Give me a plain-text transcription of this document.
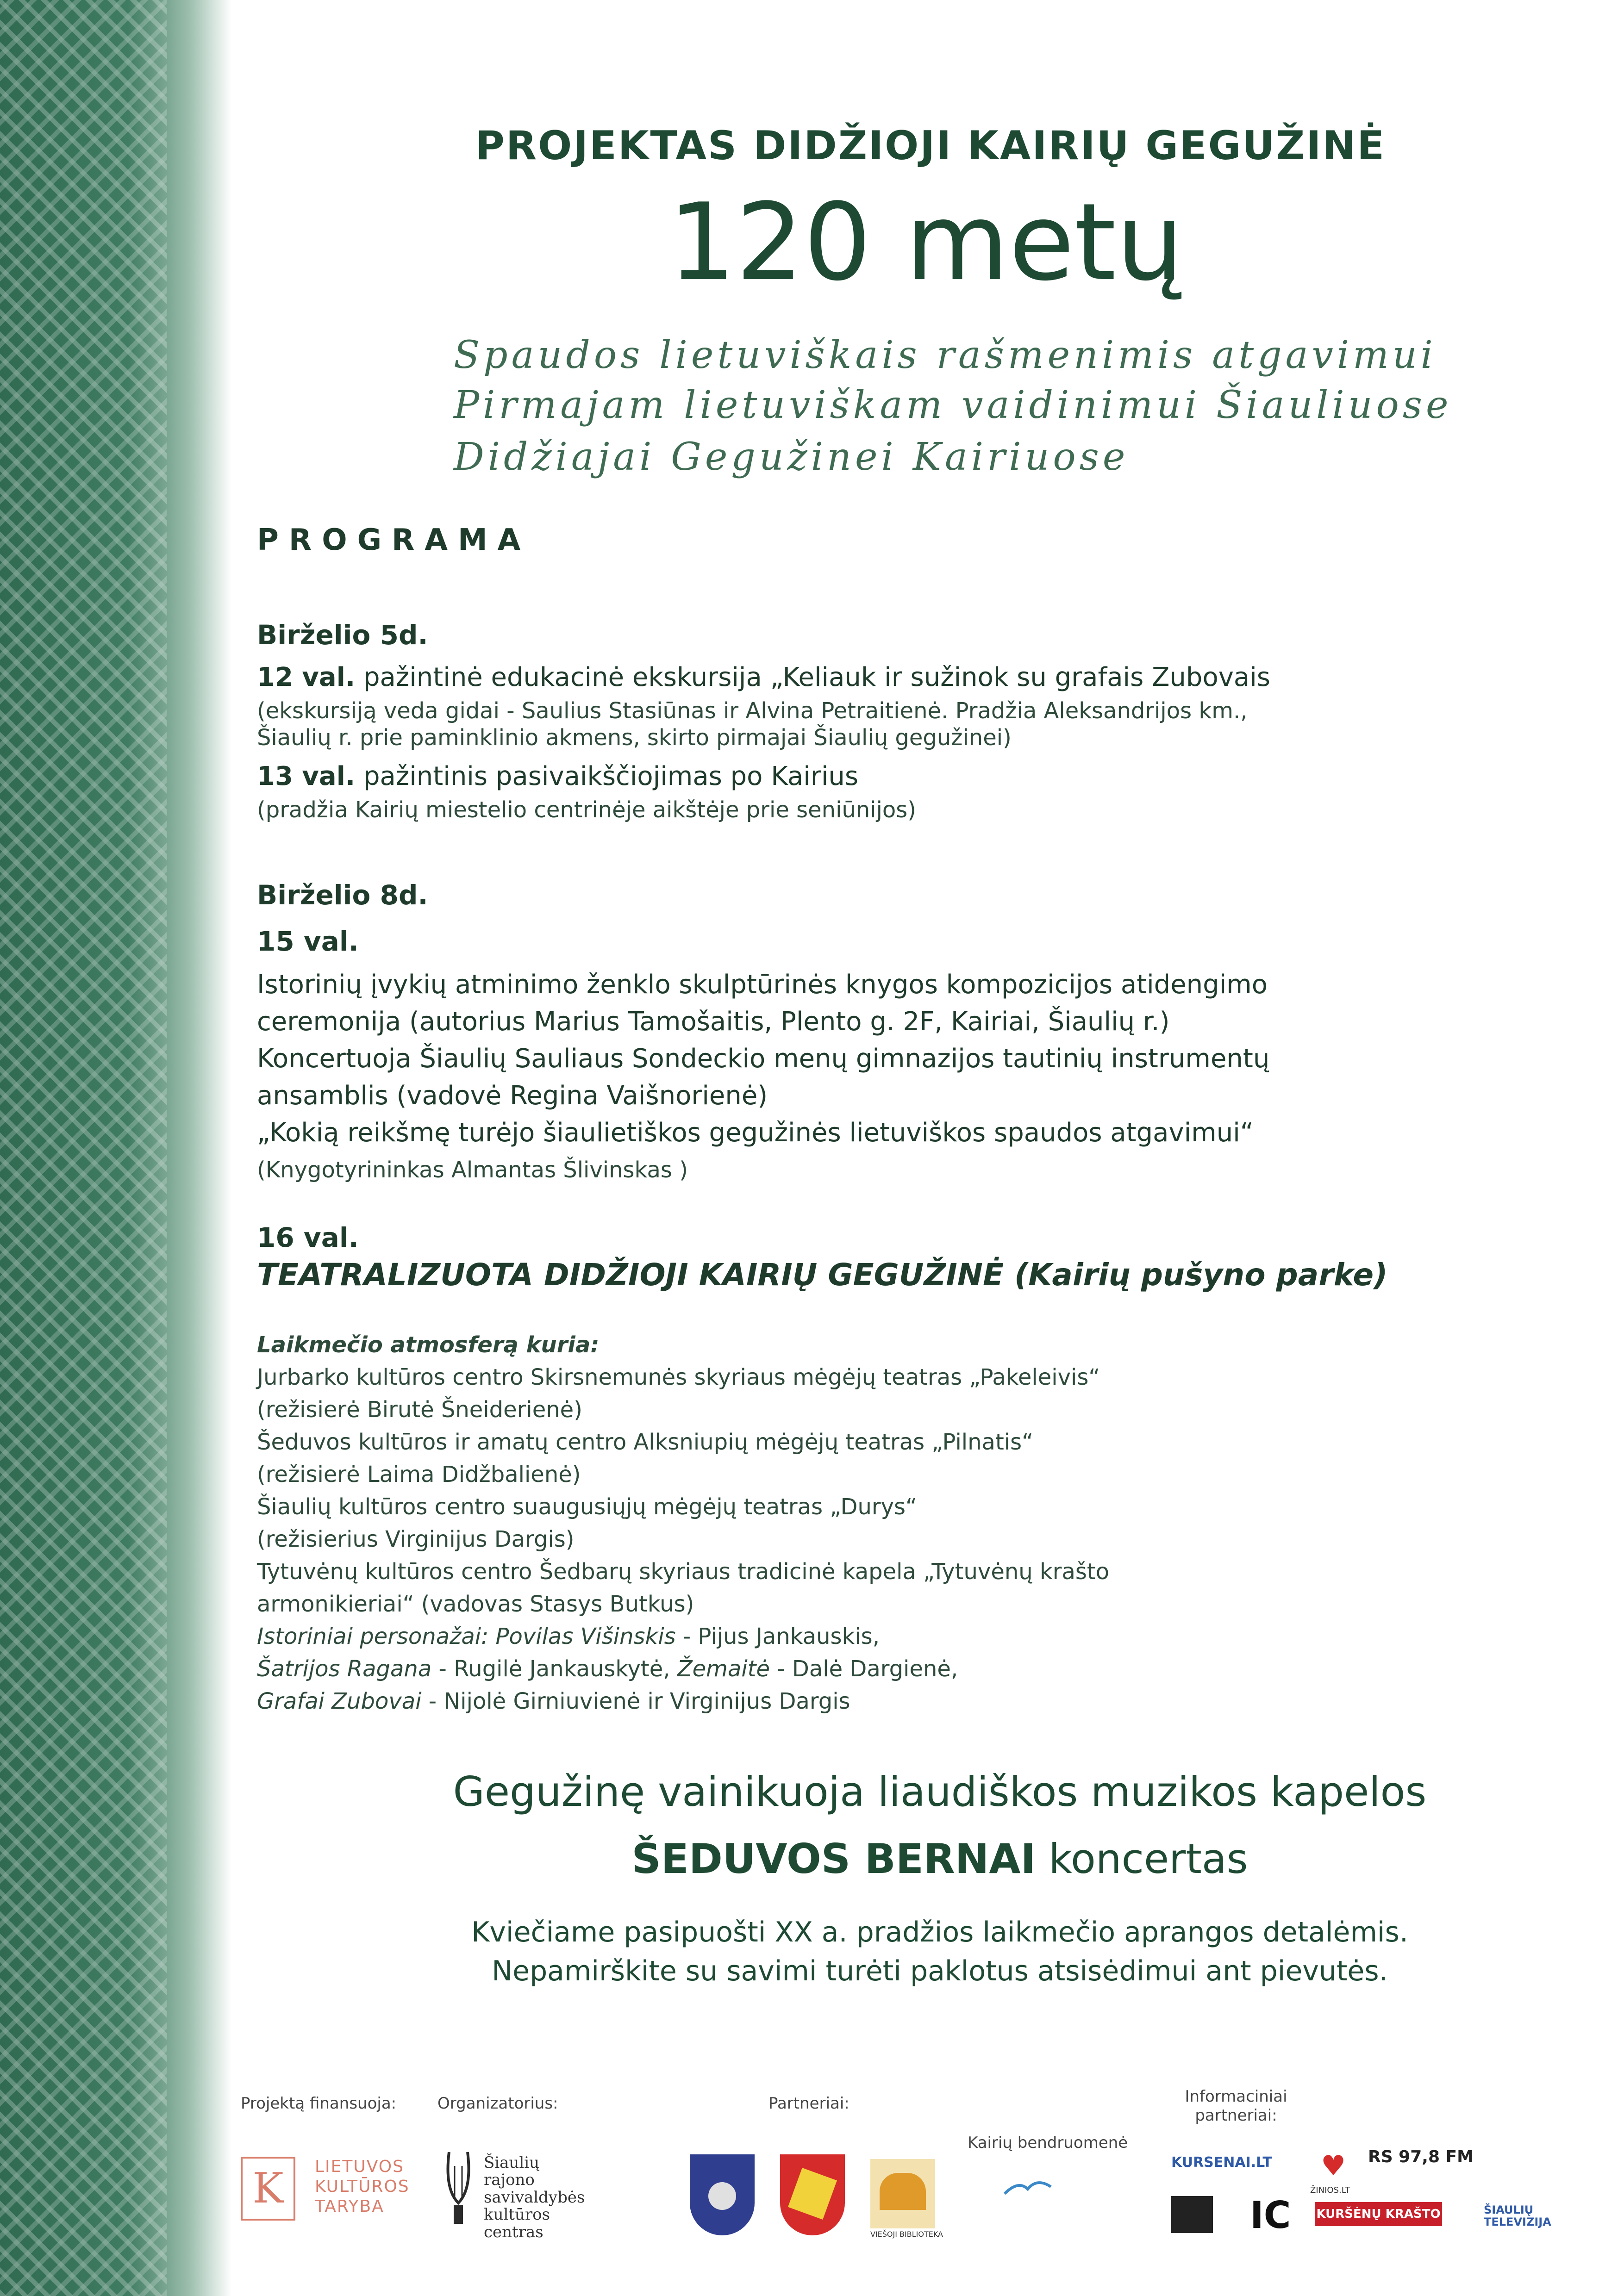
PROJEKTAS DIDŽIOJI KAIRIŲ GEGUŽINĖ
120 metų
Spaudos lietuviškais rašmenimis atgavimui
Pirmajam lietuviškam vaidinimui Šiauliuose
Didžiajai Gegužinei Kairiuose
PROGRAMA
Birželio 5d.
12 val. pažintinė edukacinė ekskursija „Keliauk ir sužinok su grafais Zubovais
(ekskursiją veda gidai - Saulius Stasiūnas ir Alvina Petraitienė. Pradžia Aleksandrijos km.,
Šiaulių r. prie paminklinio akmens, skirto pirmajai Šiaulių gegužinei)
13 val. pažintinis pasivaikščiojimas po Kairius
(pradžia Kairių miestelio centrinėje aikštėje prie seniūnijos)
Birželio 8d.
15 val.
Istorinių įvykių atminimo ženklo skulptūrinės knygos kompozicijos atidengimo
ceremonija (autorius Marius Tamošaitis, Plento g. 2F, Kairiai, Šiaulių r.)
Koncertuoja Šiaulių Sauliaus Sondeckio menų gimnazijos tautinių instrumentų
ansamblis (vadovė Regina Vaišnorienė)
„Kokią reikšmę turėjo šiaulietiškos gegužinės lietuviškos spaudos atgavimui“
(Knygotyrininkas Almantas Šlivinskas )
16 val.
TEATRALIZUOTA DIDŽIOJI KAIRIŲ GEGUŽINĖ (Kairių pušyno parke)
Laikmečio atmosferą kuria:
Jurbarko kultūros centro Skirsnemunės skyriaus mėgėjų teatras „Pakeleivis“
(režisierė Birutė Šneiderienė)
Šeduvos kultūros ir amatų centro Alksniupių mėgėjų teatras „Pilnatis“
(režisierė Laima Didžbalienė)
Šiaulių kultūros centro suaugusiųjų mėgėjų teatras „Durys“
(režisierius Virginijus Dargis)
Tytuvėnų kultūros centro Šedbarų skyriaus tradicinė kapela „Tytuvėnų krašto
armonikieriai“ (vadovas Stasys Butkus)
Istoriniai personažai: Povilas Višinskis - Pijus Jankauskis,
Šatrijos Ragana - Rugilė Jankauskytė, Žemaitė - Dalė Dargienė,
Grafai Zubovai - Nijolė Girniuvienė ir Virginijus Dargis
Gegužinę vainikuoja liaudiškos muzikos kapelos
ŠEDUVOS BERNAI koncertas
Kviečiame pasipuošti XX a. pradžios laikmečio aprangos detalėmis.
Nepamirškite su savimi turėti paklotus atsisėdimui ant pievutės.
Projektą finansuoja:
K	LIETUVOS KULTŪROS TARYBA
Organizatorius:
Šiaulių
rajono
savivaldybės
kultūros
centras
Partneriai:
VIEŠOJI BIBLIOTEKA
Kairių bendruomenė
Informaciniai
partneriai:
KURSENAI.LT ♥
ŽINIOS.LT
RS 97,8 FM
IC KURŠĖNŲ KRAŠTO	ŠIAULIŲ TELEVIZIJA
